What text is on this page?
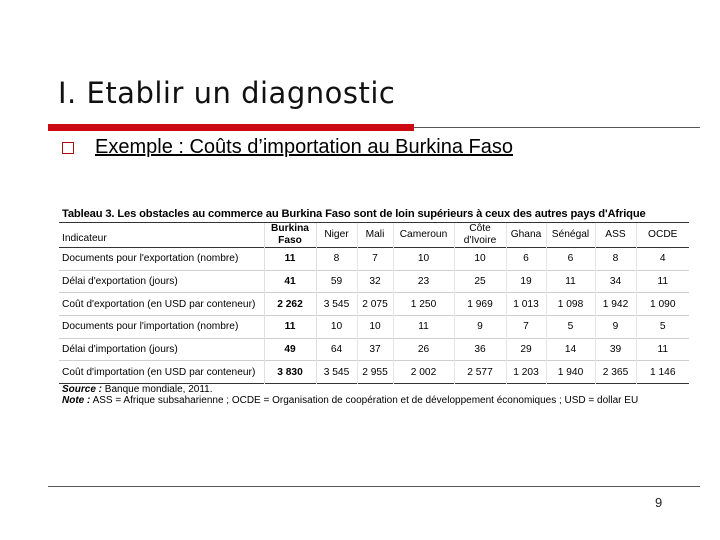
I. Etablir un diagnostic
Exemple : Coûts d’importation au Burkina Faso
Tableau 3. Les obstacles au commerce au Burkina Faso sont de loin supérieurs à ceux des autres pays d'Afrique
Indicateur	Burkina Faso	Niger	Mali	Cameroun	Côte d'Ivoire	Ghana	Sénégal	ASS	OCDE
Documents pour l'exportation (nombre)	11	8	7	10	10	6	6	8	4
Délai d'exportation (jours)	41	59	32	23	25	19	11	34	11
Coût d'exportation (en USD par conteneur)	2 262	3 545	2 075	1 250	1 969	1 013	1 098	1 942	1 090
Documents pour l'importation (nombre)	11	10	10	11	9	7	5	9	5
Délai d'importation (jours)	49	64	37	26	36	29	14	39	11
Coût d'importation (en USD par conteneur)	3 830	3 545	2 955	2 002	2 577	1 203	1 940	2 365	1 146
Source : Banque mondiale, 2011.
Note : ASS = Afrique subsaharienne ; OCDE = Organisation de coopération et de développement économiques ; USD = dollar EU
9
